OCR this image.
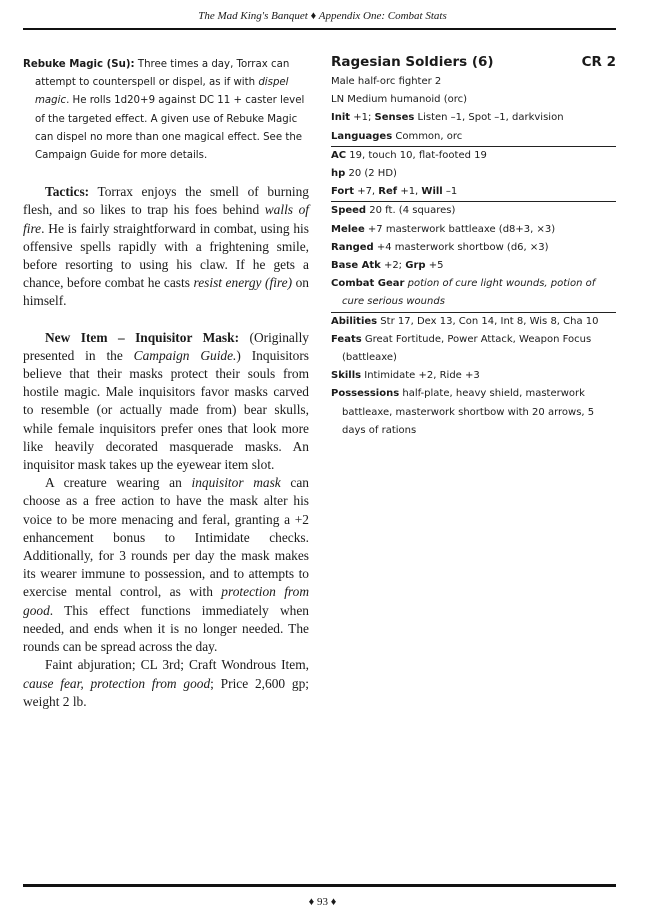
The Mad King's Banquet ♦ Appendix One: Combat Stats

Rebuke Magic (Su): Three times a day, Torrax can attempt to counterspell or dispel, as if with dispel magic. He rolls 1d20+9 against DC 11 + caster level of the targeted effect. A given use of Rebuke Magic can dispel no more than one magical effect. See the Campaign Guide for more details.

Tactics: Torrax enjoys the smell of burning flesh, and so likes to trap his foes behind walls of fire. He is fairly straightforward in combat, using his offensive spells rapidly with a frightening smile, before resorting to using his claw. If he gets a chance, before combat he casts resist energy (fire) on himself.

New Item – Inquisitor Mask: (Originally presented in the Campaign Guide.) Inquisitors believe that their masks protect their souls from hostile magic. Male inquisitors favor masks carved to resemble (or actually made from) bear skulls, while female inquisitors prefer ones that look more like heavily decorated masquerade masks. An inquisitor mask takes up the eyewear item slot.

A creature wearing an inquisitor mask can choose as a free action to have the mask alter his voice to be more menacing and feral, granting a +2 enhancement bonus to Intimidate checks. Additionally, for 3 rounds per day the mask makes its wearer immune to possession, and to attempts to exercise mental control, as with protection from good. This effect functions immediately when needed, and ends when it is no longer needed. The rounds can be spread across the day.

Faint abjuration; CL 3rd; Craft Wondrous Item, cause fear, protection from good; Price 2,600 gp; weight 2 lb.

Ragesian Soldiers (6)	CR 2

Male half-orc fighter 2

LN Medium humanoid (orc)

Init +1; Senses Listen –1, Spot –1, darkvision

Languages Common, orc

AC 19, touch 10, flat-footed 19

hp 20 (2 HD)

Fort +7, Ref +1, Will –1

Speed 20 ft. (4 squares)

Melee +7 masterwork battleaxe (d8+3, ×3)

Ranged +4 masterwork shortbow (d6, ×3)

Base Atk +2; Grp +5

Combat Gear potion of cure light wounds, potion of cure serious wounds

Abilities Str 17, Dex 13, Con 14, Int 8, Wis 8, Cha 10

Feats Great Fortitude, Power Attack, Weapon Focus (battleaxe)

Skills Intimidate +2, Ride +3

Possessions half-plate, heavy shield, masterwork battleaxe, masterwork shortbow with 20 arrows, 5 days of rations

♦ 93 ♦
